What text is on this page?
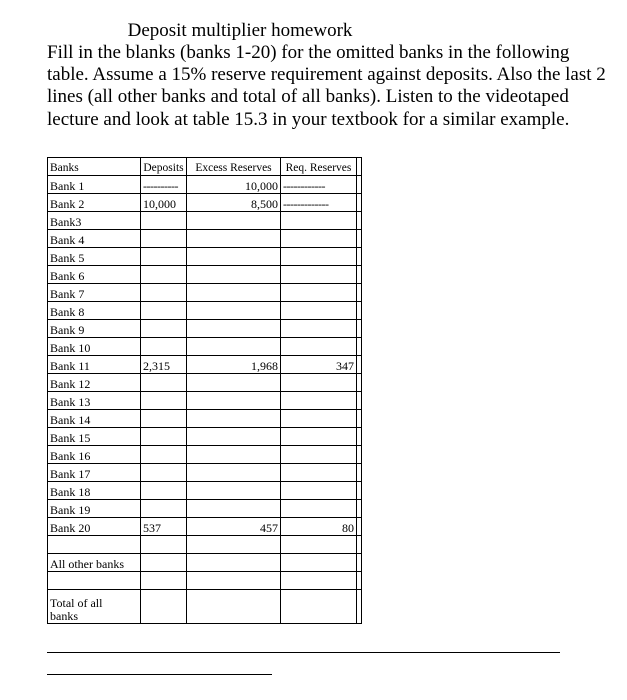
Deposit multiplier homework

Fill in the blanks (banks 1-20) for the omitted banks in the following table. Assume a 15% reserve requirement against deposits. Also the last 2 lines (all other banks and total of all banks). Listen to the videotaped lecture and look at table 15.3 in your textbook for a similar example.

Banks	Deposits	Excess Reserves	Req. Reserves	
Bank 1	----------	10,000	------------	
Bank 2	10,000	8,500	-------------	
Bank3				
Bank 4				
Bank 5				
Bank 6				
Bank 7				
Bank 8				
Bank 9				
Bank 10				
Bank 11	2,315	1,968	347	
Bank 12				
Bank 13				
Bank 14				
Bank 15				
Bank 16				
Bank 17				
Bank 18				
Bank 19				
Bank 20	537	457	80	

All other banks				

Total of all
banks				
